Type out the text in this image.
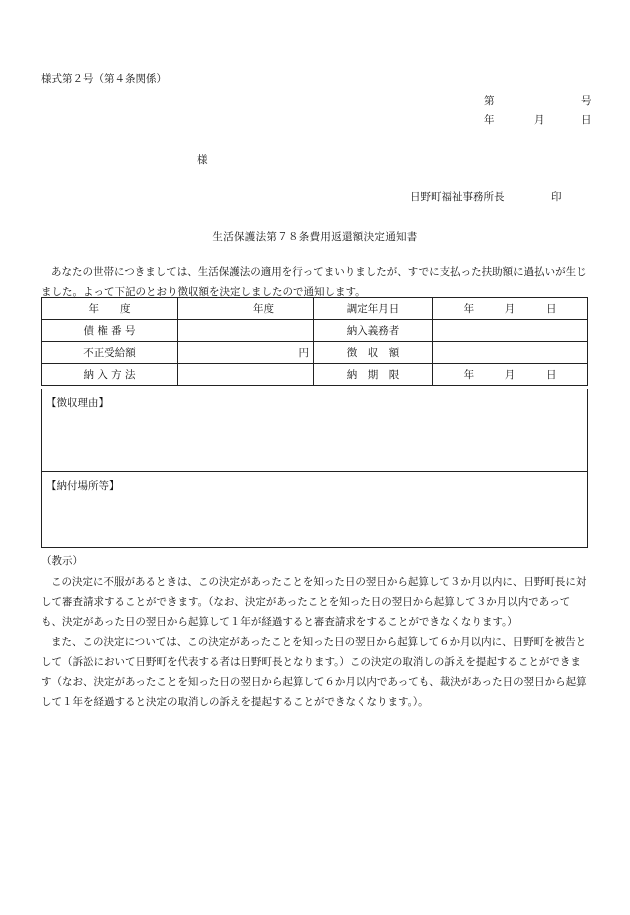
様式第２号（第４条関係）
第	号
年	月	日
様
日野町福祉事務所長	印
生活保護法第７８条費用返還額決定通知書

あなたの世帯につきましては、生活保護法の適用を行ってまいりましたが、すでに支払った扶助額に過払いが生じました。よって下記のとおり徴収額を決定しましたので通知します。

年　　度	年度	調定年月日	年 月 日
債 権 番 号		納入義務者	
不正受給額	円	徴　収　額	
納 入 方 法		納　期　限	年 月 日
【徴収理由】
【納付場所等】
（教示）

この決定に不服があるときは、この決定があったことを知った日の翌日から起算して３か月以内に、日野町長に対して審査請求することができます。（なお、決定があったことを知った日の翌日から起算して３か月以内であっても、決定があった日の翌日から起算して１年が経過すると審査請求をすることができなくなります。）

また、この決定については、この決定があったことを知った日の翌日から起算して６か月以内に、日野町を被告として（訴訟において日野町を代表する者は日野町長となります。）この決定の取消しの訴えを提起することができます（なお、決定があったことを知った日の翌日から起算して６か月以内であっても、裁決があった日の翌日から起算して１年を経過すると決定の取消しの訴えを提起することができなくなります。）。
